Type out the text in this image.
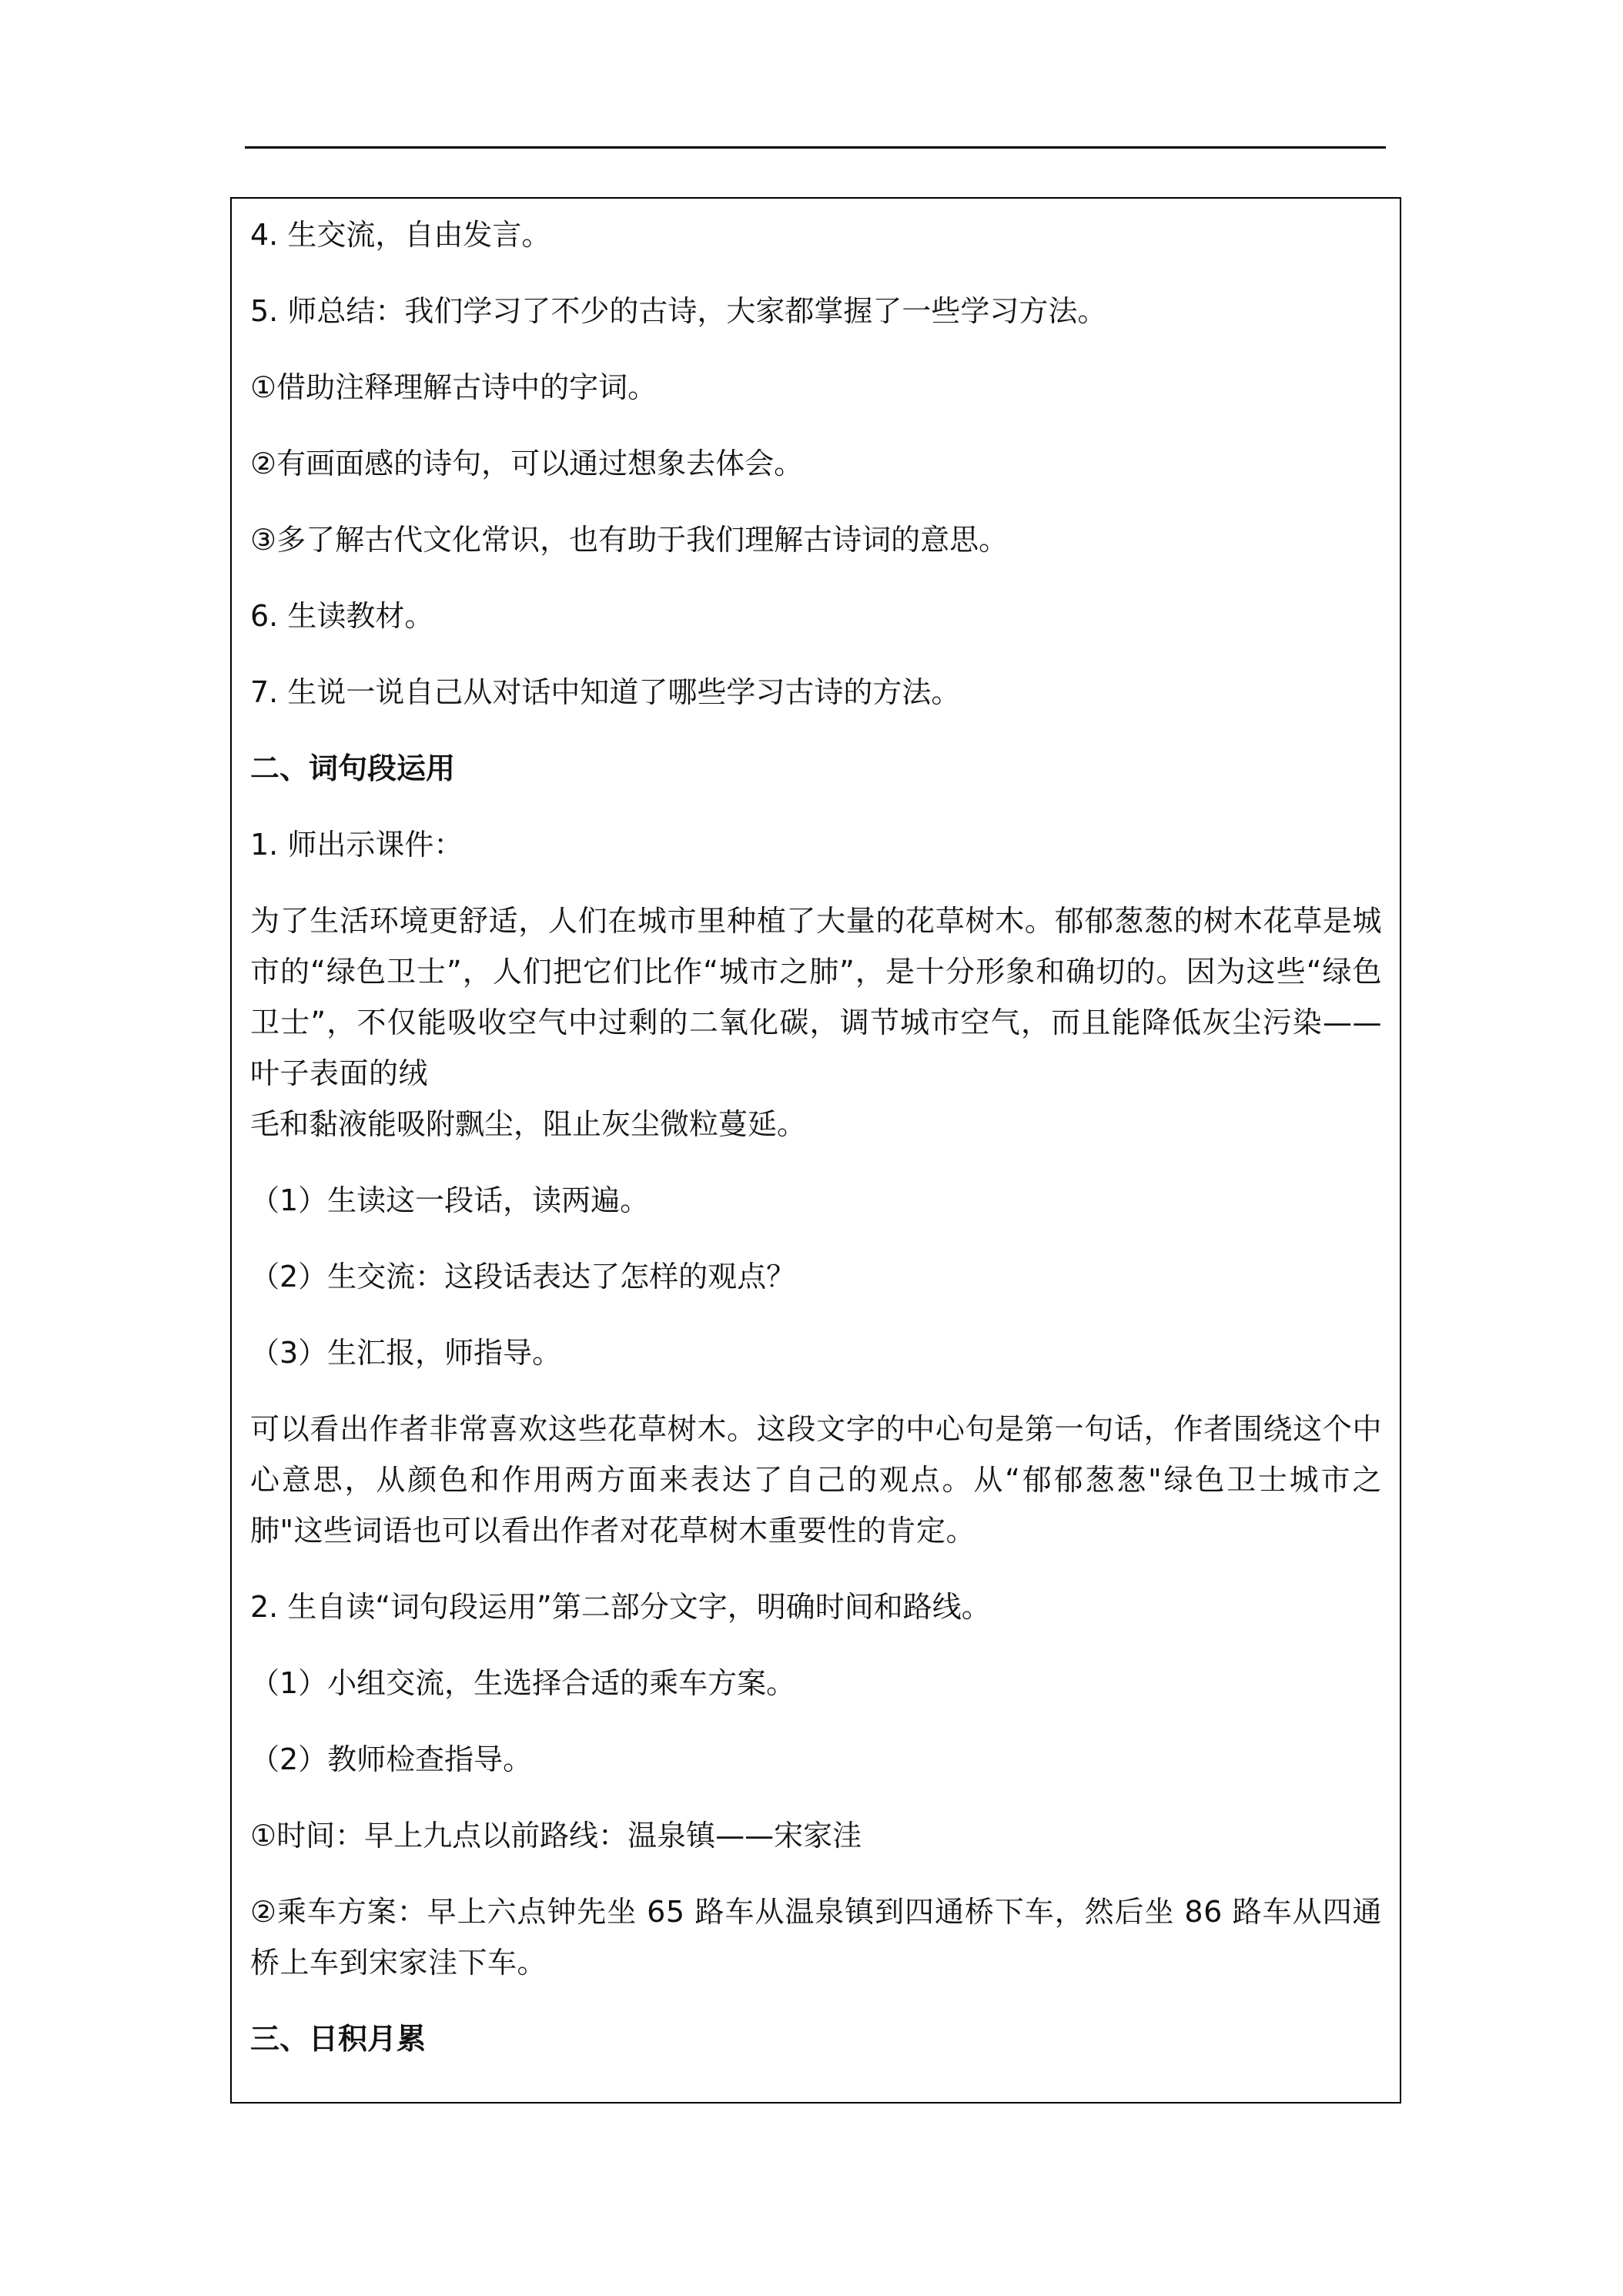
4. 生交流，自由发言。

5. 师总结：我们学习了不少的古诗，大家都掌握了一些学习方法。

①借助注释理解古诗中的字词。

②有画面感的诗句，可以通过想象去体会。

③多了解古代文化常识，也有助于我们理解古诗词的意思。

6. 生读教材。

7. 生说一说自己从对话中知道了哪些学习古诗的方法。

二、词句段运用

1. 师出示课件：

为了生活环境更舒适，人们在城市里种植了大量的花草树木。郁郁葱葱的树木花草是城市的“绿色卫士”，人们把它们比作“城市之肺”，是十分形象和确切的。因为这些“绿色卫士”，不仅能吸收空气中过剩的二氧化碳，调节城市空气，而且能降低灰尘污染——叶子表面的绒

毛和黏液能吸附飘尘，阻止灰尘微粒蔓延。

（1）生读这一段话，读两遍。

（2）生交流：这段话表达了怎样的观点？

（3）生汇报，师指导。

可以看出作者非常喜欢这些花草树木。这段文字的中心句是第一句话，作者围绕这个中心意思，从颜色和作用两方面来表达了自己的观点。从“郁郁葱葱"绿色卫士城市之肺"这些词语也可以看出作者对花草树木重要性的肯定。

2. 生自读“词句段运用”第二部分文字，明确时间和路线。

（1）小组交流，生选择合适的乘车方案。

（2）教师检查指导。

①时间：早上九点以前路线：温泉镇——宋家洼

②乘车方案：早上六点钟先坐 65 路车从温泉镇到四通桥下车，然后坐 86 路车从四通桥上车到宋家洼下车。

三、日积月累
